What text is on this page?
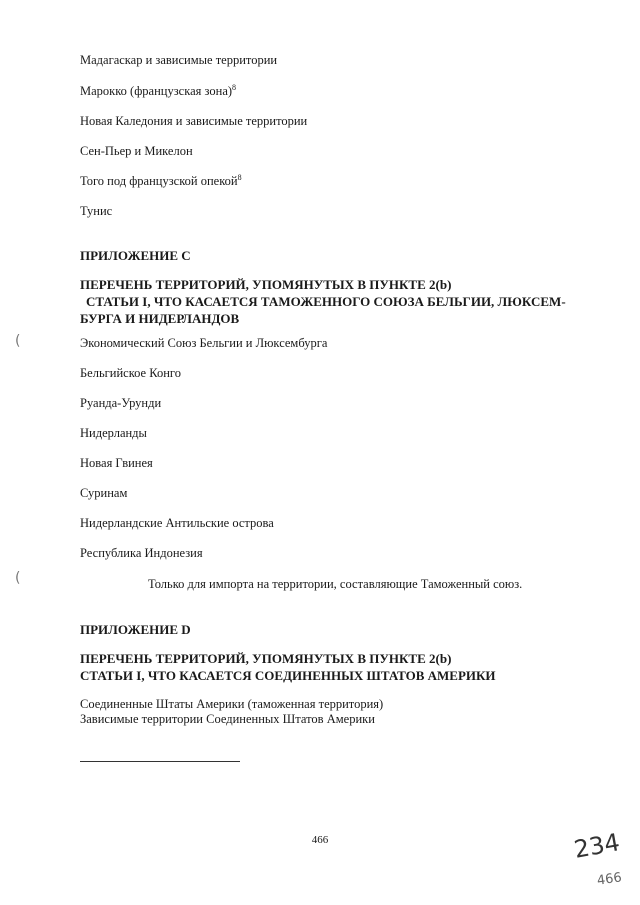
Мадагаскар и зависимые территории
Марокко (французская зона)$^8$
Новая Каледония и зависимые территории
Сен-Пьер и Микелон
Того под французской опекой$^8$
Тунис
ПРИЛОЖЕНИЕ С
ПЕРЕЧЕНЬ ТЕРРИТОРИЙ, УПОМЯНУТЫХ В ПУНКТЕ 2(b)
СТАТЬИ I, ЧТО КАСАЕТСЯ ТАМОЖЕННОГО СОЮЗА БЕЛЬГИИ, ЛЮКСЕМ-
БУРГА И НИДЕРЛАНДОВ
Экономический Союз Бельгии и Люксембурга
Бельгийское Конго
Руанда-Урунди
Нидерланды
Новая Гвинея
Суринам
Нидерландские Антильские острова
Республика Индонезия
Только для импорта на территории, составляющие Таможенный союз.
ПРИЛОЖЕНИЕ D
ПЕРЕЧЕНЬ ТЕРРИТОРИЙ, УПОМЯНУТЫХ В ПУНКТЕ 2(b)
СТАТЬИ I, ЧТО КАСАЕТСЯ СОЕДИНЕННЫХ ШТАТОВ АМЕРИКИ
Соединенные Штаты Америки (таможенная территория)
Зависимые территории Соединенных Штатов Америки
466	234
466
(
(
